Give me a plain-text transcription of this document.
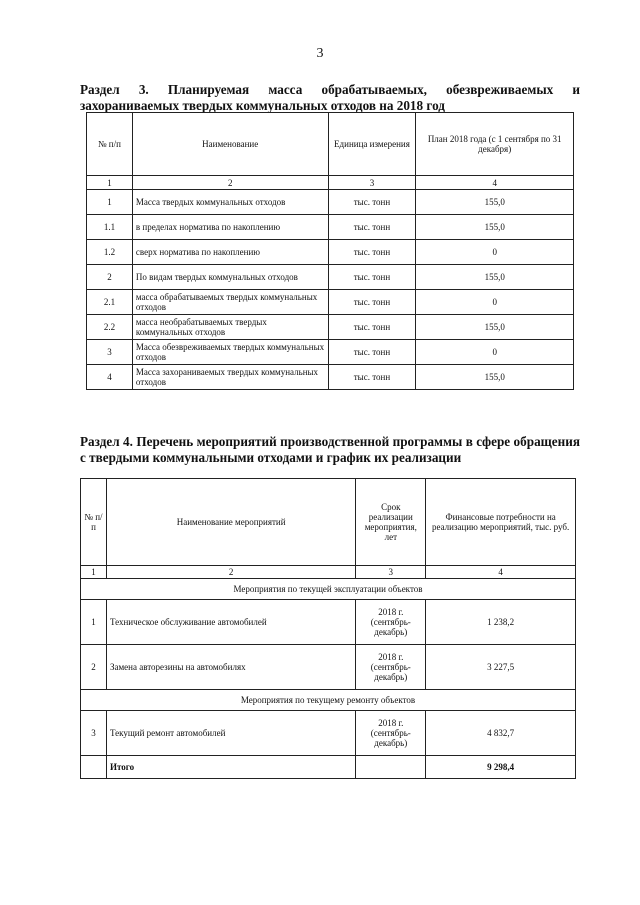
3
Раздел 3. Планируемая масса обрабатываемых, обезвреживаемых и захораниваемых твердых коммунальных отходов на 2018 год
№ п/п	Наименование	Единица измерения	План 2018 года (с 1 сентября по 31 декабря)
1	2	3	4
1	Масса твердых коммунальных отходов	тыс. тонн	155,0
1.1	в пределах норматива по накоплению	тыс. тонн	155,0
1.2	сверх норматива по накоплению	тыс. тонн	0
2	По видам твердых коммунальных отходов	тыс. тонн	155,0
2.1	масса обрабатываемых твердых коммунальных отходов	тыс. тонн	0
2.2	масса необрабатываемых твердых коммунальных отходов	тыс. тонн	155,0
3	Масса обезвреживаемых твердых коммунальных отходов	тыс. тонн	0
4	Масса захораниваемых твердых коммунальных отходов	тыс. тонн	155,0
Раздел 4. Перечень мероприятий производственной программы в сфере обращения с твердыми коммунальными отходами и график их реализации
№ п/п	Наименование мероприятий	Срок реализации мероприятия, лет	Финансовые потребности на реализацию мероприятий, тыс. руб.
1	2	3	4
Мероприятия по текущей эксплуатации объектов			
1	Техническое обслуживание автомобилей	2018 г. (сентябрь-декабрь)	1 238,2
2	Замена авторезины на автомобилях	2018 г. (сентябрь-декабрь)	3 227,5
Мероприятия по текущему ремонту объектов			
3	Текущий ремонт автомобилей	2018 г. (сентябрь-декабрь)	4 832,7
	Итого		9 298,4
